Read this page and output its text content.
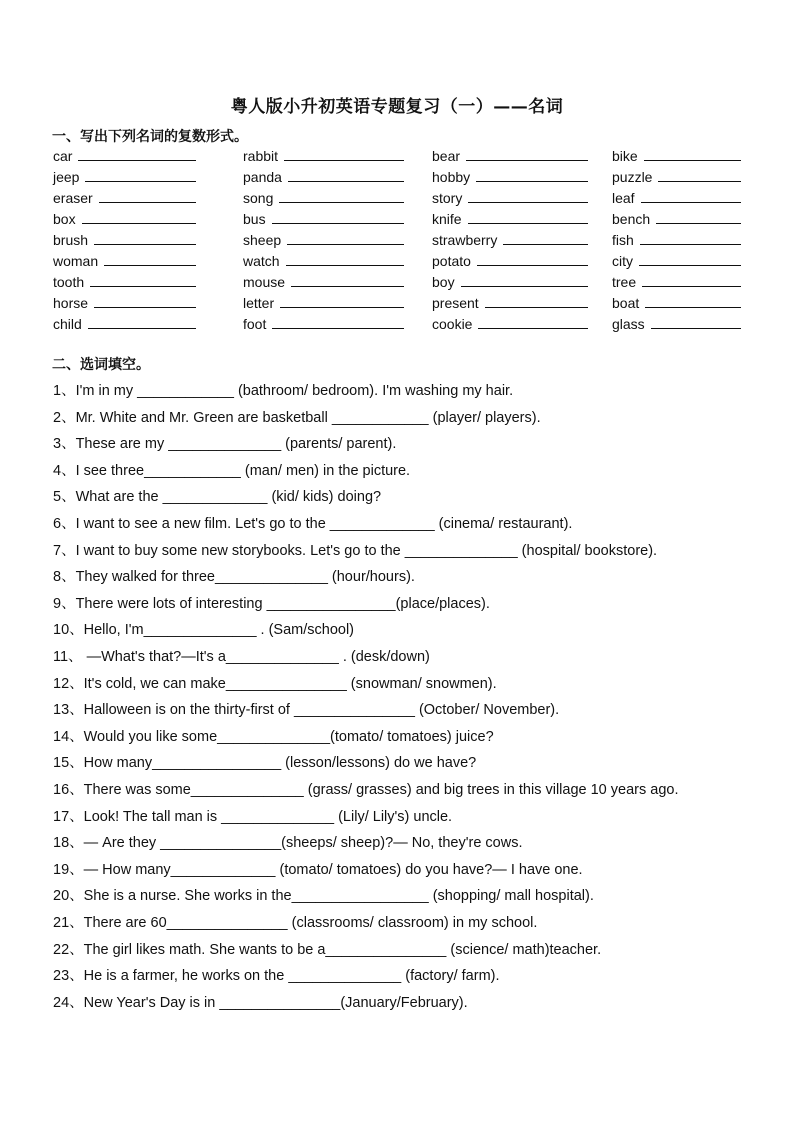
粤人版小升初英语专题复习（一）——名词
一、写出下列名词的复数形式。
car	rabbit	bear	bike
jeep	panda	hobby	puzzle
eraser	song	story	leaf
box	bus	knife	bench
brush	sheep	strawberry	fish
woman	watch	potato	city
tooth	mouse	boy	tree
horse	letter	present	boat
child	foot	cookie	glass
二、选词填空。
1、I'm in my ____________ (bathroom/ bedroom). I'm washing my hair.
2、Mr. White and Mr. Green are basketball ____________ (player/ players).
3、These are my ______________ (parents/ parent).
4、I see three____________ (man/ men) in the picture.
5、What are the _____________ (kid/ kids) doing?
6、I want to see a new film. Let's go to the _____________ (cinema/ restaurant).
7、I want to buy some new storybooks. Let's go to the ______________ (hospital/ bookstore).
8、They walked for three______________ (hour/hours).
9、There were lots of interesting ________________(place/places).
10、Hello, I'm______________ . (Sam/school)
11、 —What's that?—It's a______________ . (desk/down)
12、It's cold, we can make_______________ (snowman/ snowmen).
13、Halloween is on the thirty-first of _______________ (October/ November).
14、Would you like some______________(tomato/ tomatoes) juice?
15、How many________________ (lesson/lessons) do we have?
16、There was some______________ (grass/ grasses) and big trees in this village 10 years ago.
17、Look! The tall man is ______________ (Lily/ Lily's) uncle.
18、— Are they _______________(sheeps/ sheep)?— No, they're cows.
19、— How many_____________ (tomato/ tomatoes) do you have?— I have one.
20、She is a nurse. She works in the_________________ (shopping/ mall hospital).
21、There are 60_______________ (classrooms/ classroom) in my school.
22、The girl likes math. She wants to be a_______________ (science/ math)teacher.
23、He is a farmer, he works on the ______________ (factory/ farm).
24、New Year's Day is in _______________(January/February).
